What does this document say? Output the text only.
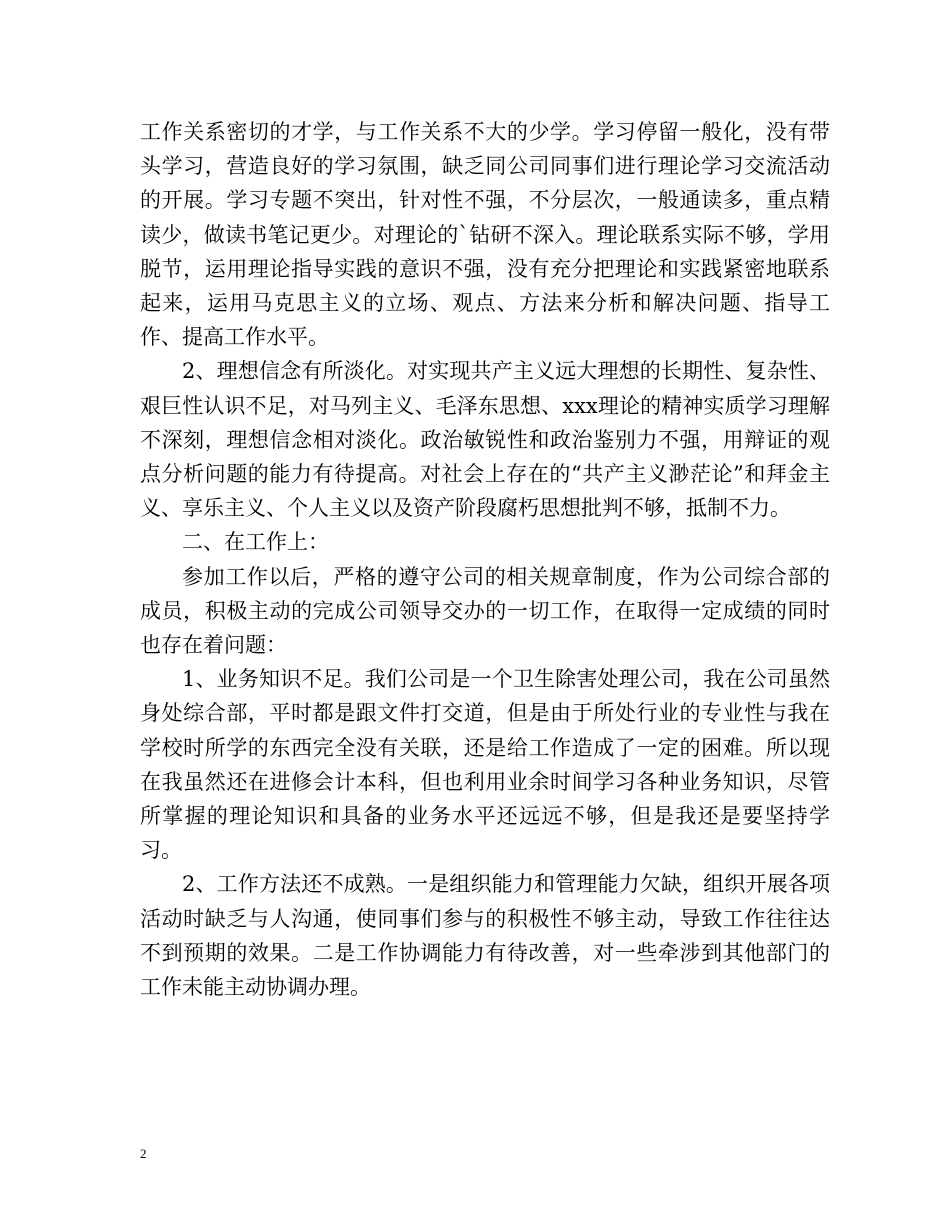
工作关系密切的才学，与工作关系不大的少学。学习停留一般化，没有带头学习，营造良好的学习氛围，缺乏同公司同事们进行理论学习交流活动的开展。学习专题不突出，针对性不强，不分层次，一般通读多，重点精读少，做读书笔记更少。对理论的`钻研不深入。理论联系实际不够，学用脱节，运用理论指导实践的意识不强，没有充分把理论和实践紧密地联系起来，运用马克思主义的立场、观点、方法来分析和解决问题、指导工作、提高工作水平。

2、理想信念有所淡化。对实现共产主义远大理想的长期性、复杂性、艰巨性认识不足，对马列主义、毛泽东思想、xxx理论的精神实质学习理解不深刻，理想信念相对淡化。政治敏锐性和政治鉴别力不强，用辩证的观点分析问题的能力有待提高。对社会上存在的“共产主义渺茫论”和拜金主义、享乐主义、个人主义以及资产阶段腐朽思想批判不够，抵制不力。

二、在工作上：

参加工作以后，严格的遵守公司的相关规章制度，作为公司综合部的成员，积极主动的完成公司领导交办的一切工作，在取得一定成绩的同时也存在着问题：

1、业务知识不足。我们公司是一个卫生除害处理公司，我在公司虽然身处综合部，平时都是跟文件打交道，但是由于所处行业的专业性与我在学校时所学的东西完全没有关联，还是给工作造成了一定的困难。所以现在我虽然还在进修会计本科，但也利用业余时间学习各种业务知识，尽管所掌握的理论知识和具备的业务水平还远远不够，但是我还是要坚持学习。

2、工作方法还不成熟。一是组织能力和管理能力欠缺，组织开展各项活动时缺乏与人沟通，使同事们参与的积极性不够主动，导致工作往往达不到预期的效果。二是工作协调能力有待改善，对一些牵涉到其他部门的工作未能主动协调办理。

2
